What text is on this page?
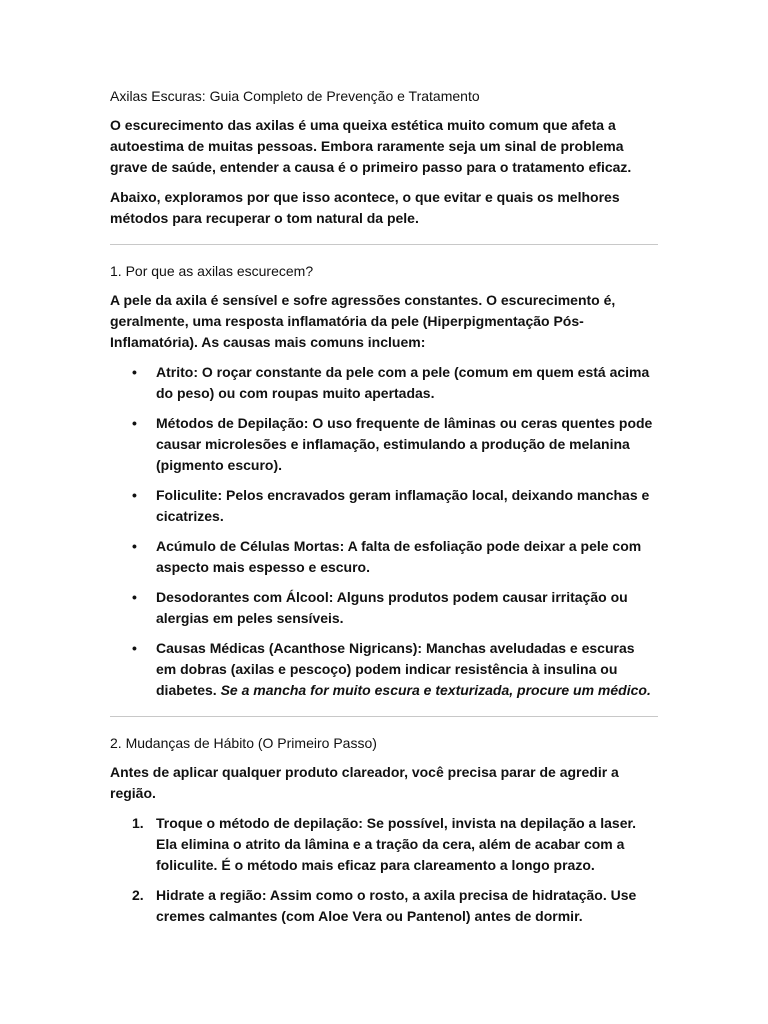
Axilas Escuras: Guia Completo de Prevenção e Tratamento

O escurecimento das axilas é uma queixa estética muito comum que afeta a autoestima de muitas pessoas. Embora raramente seja um sinal de problema grave de saúde, entender a causa é o primeiro passo para o tratamento eficaz.

Abaixo, exploramos por que isso acontece, o que evitar e quais os melhores métodos para recuperar o tom natural da pele.

1. Por que as axilas escurecem?

A pele da axila é sensível e sofre agressões constantes. O escurecimento é, geralmente, uma resposta inflamatória da pele (Hiperpigmentação Pós-Inflamatória). As causas mais comuns incluem:

• Atrito: O roçar constante da pele com a pele (comum em quem está acima do peso) ou com roupas muito apertadas.
• Métodos de Depilação: O uso frequente de lâminas ou ceras quentes pode causar microlesões e inflamação, estimulando a produção de melanina (pigmento escuro).
• Foliculite: Pelos encravados geram inflamação local, deixando manchas e cicatrizes.
• Acúmulo de Células Mortas: A falta de esfoliação pode deixar a pele com aspecto mais espesso e escuro.
• Desodorantes com Álcool: Alguns produtos podem causar irritação ou alergias em peles sensíveis.
• Causas Médicas (Acanthose Nigricans): Manchas aveludadas e escuras em dobras (axilas e pescoço) podem indicar resistência à insulina ou diabetes. Se a mancha for muito escura e texturizada, procure um médico.
2. Mudanças de Hábito (O Primeiro Passo)

Antes de aplicar qualquer produto clareador, você precisa parar de agredir a região.

1. Troque o método de depilação: Se possível, invista na depilação a laser. Ela elimina o atrito da lâmina e a tração da cera, além de acabar com a foliculite. É o método mais eficaz para clareamento a longo prazo.
2. Hidrate a região: Assim como o rosto, a axila precisa de hidratação. Use cremes calmantes (com Aloe Vera ou Pantenol) antes de dormir.
